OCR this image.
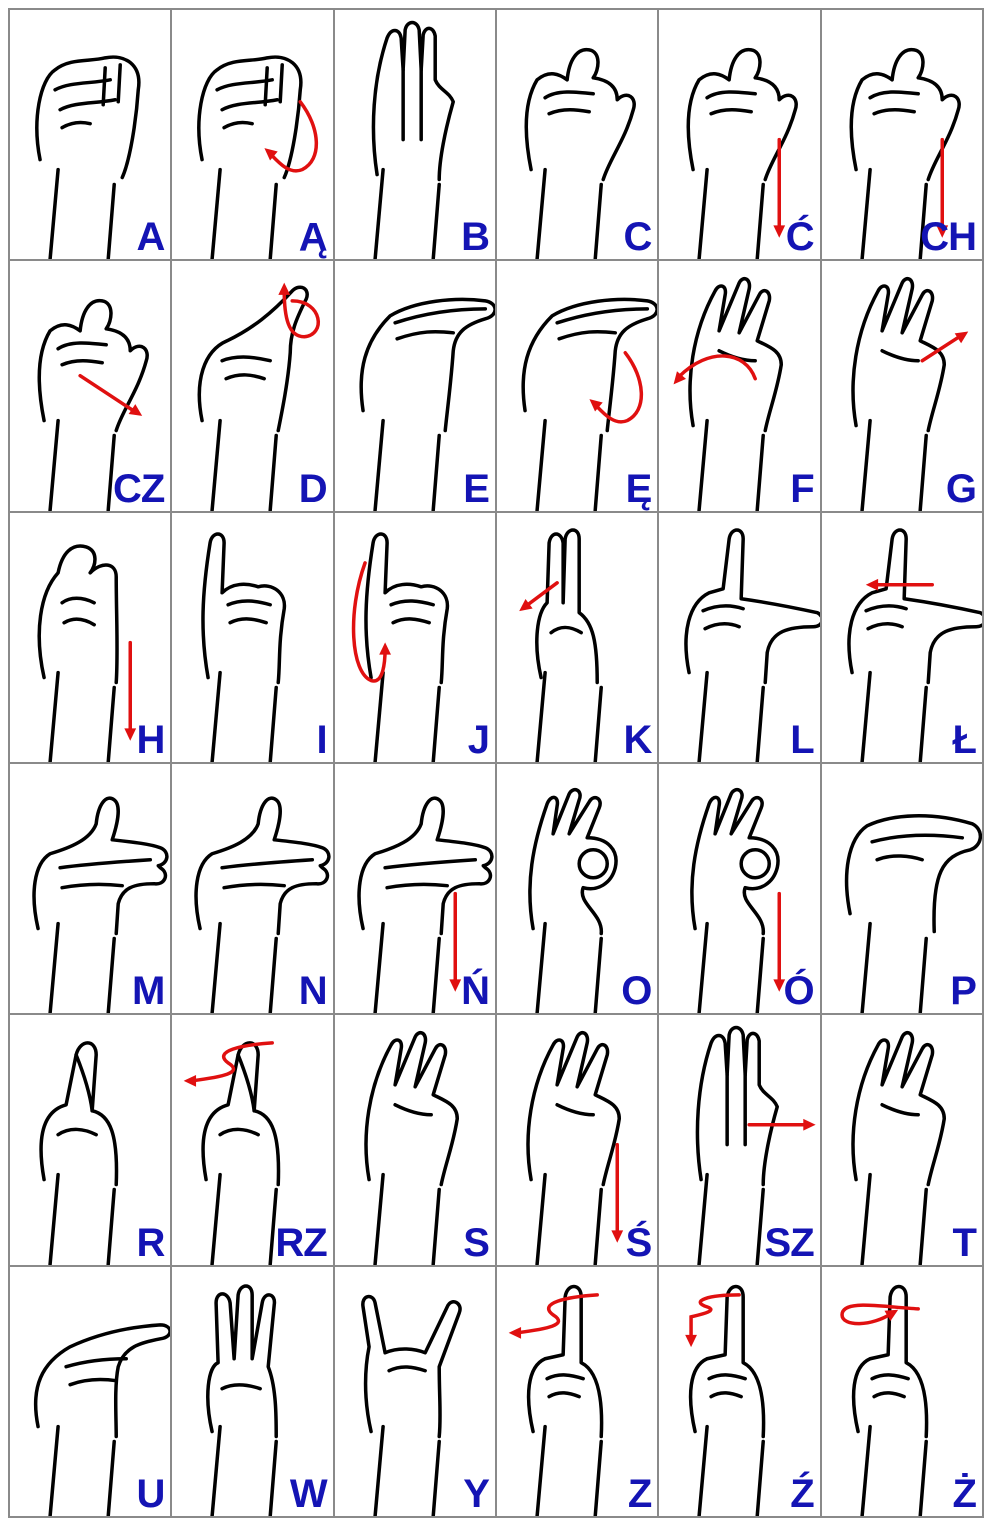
A	Ą	B	C	Ć	CH
CZ	D	E	Ę	F	G
H	I	J	K	L	Ł
M	N	Ń	O	Ó	P
R	RZ	S	Ś	SZ	T
U	W	Y	Z	Ź	Ż
